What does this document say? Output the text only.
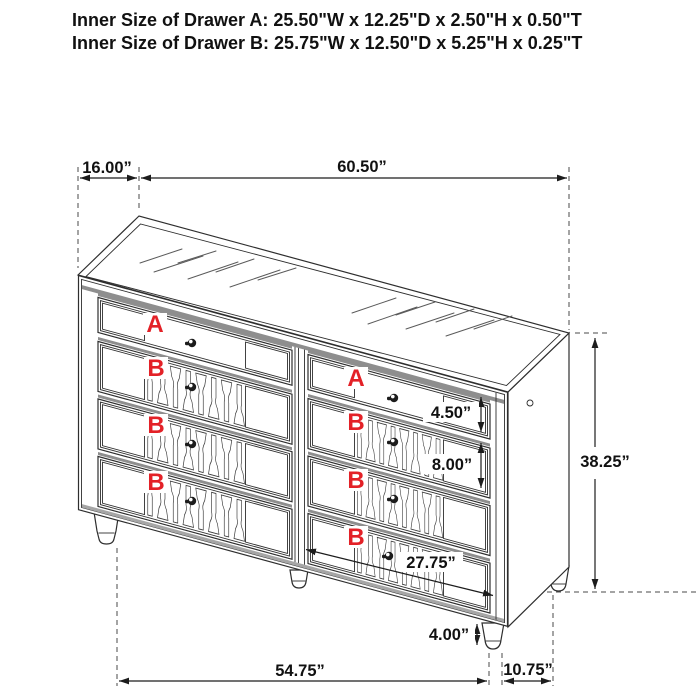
Inner Size of Drawer A: 25.50"W x 12.25"D x 2.50"H x 0.50"T
Inner Size of Drawer B: 25.75"W x 12.50"D x 5.25"H x 0.25"T
16.00”	60.50”
A
B
B
B
A
B
B
B
4.50”
8.00”	38.25”
27.75”
4.00”
54.75”	10.75”
